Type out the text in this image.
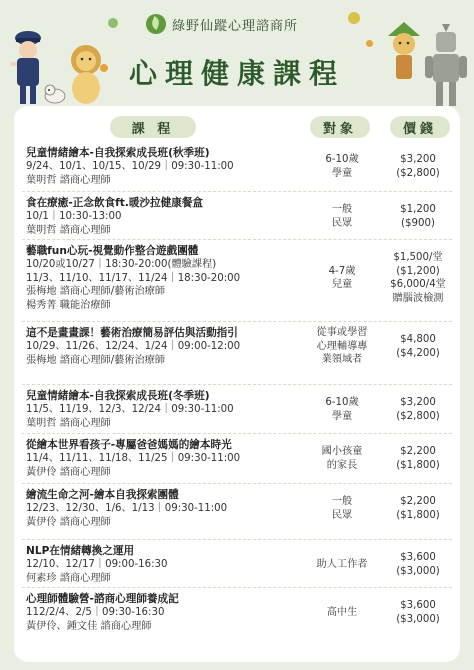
綠野仙蹤心理諮商所
心理健康課程
課 程	對象	價錢
兒童情緒繪本-自我探索成長班(秋季班)
9/24、10/1、10/15、10/29｜09:30-11:00
葉明哲 諮商心理師
6-10歲
學童
$3,200
($2,800)
食在療癒-正念飲食ft.暖沙拉健康餐盒
10/1｜10:30-13:00
葉明哲 諮商心理師
一般
民眾
$1,200
($900)
藝職fun心玩-視覺動作整合遊戲團體
10/20或10/27｜18:30-20:00(體驗課程)
11/3、11/10、11/17、11/24｜18:30-20:00
張梅地 諮商心理師/藝術治療師
楊秀菁 職能治療師
4-7歲
兒童
$1,500/堂
($1,200)
$6,000/4堂
贈腦波檢測
這不是畫畫課！藝術治療簡易評估與活動指引
10/29、11/26、12/24、1/24｜09:00-12:00
張梅地 諮商心理師/藝術治療師
從事或學習
心理輔導專
業領域者
$4,800
($4,200)
兒童情緒繪本-自我探索成長班(冬季班)
11/5、11/19、12/3、12/24｜09:30-11:00
葉明哲 諮商心理師
6-10歲
學童
$3,200
($2,800)
從繪本世界看孩子-專屬爸爸媽媽的繪本時光
11/4、11/11、11/18、11/25｜09:30-11:00
黃伊伶 諮商心理師
國小孩童
的家長
$2,200
($1,800)
繪流生命之河-繪本自我探索團體
12/23、12/30、1/6、1/13｜09:30-11:00
黃伊伶 諮商心理師
一般
民眾
$2,200
($1,800)
NLP在情緒轉換之運用
12/10、12/17｜09:00-16:30
何素珍 諮商心理師
助人工作者
$3,600
($3,000)
心理師體驗營-諮商心理師養成記
112/2/4、2/5｜09:30-16:30
黃伊伶、鍾文佳 諮商心理師
高中生
$3,600
($3,000)
